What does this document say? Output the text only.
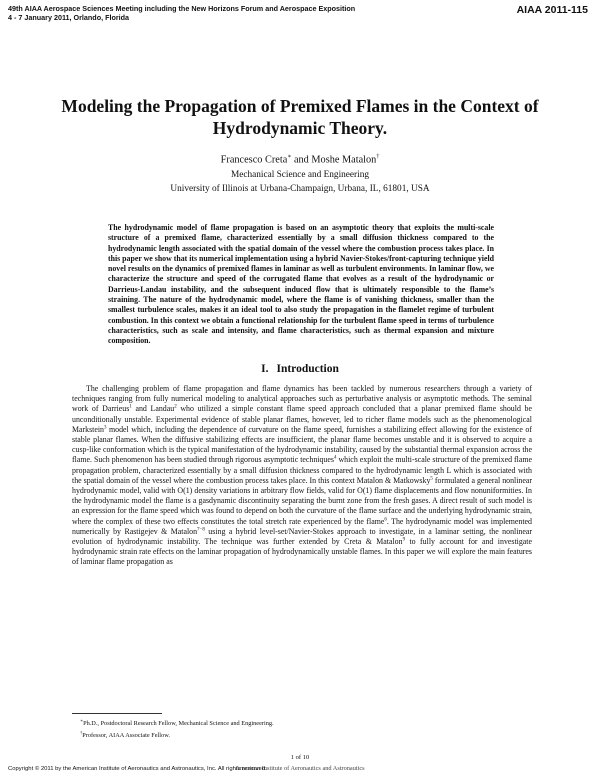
49th AIAA Aerospace Sciences Meeting including the New Horizons Forum and Aerospace Exposition
4 - 7 January 2011, Orlando, Florida
AIAA 2011-115
Modeling the Propagation of Premixed Flames in the Context of Hydrodynamic Theory.
Francesco Creta∗ and Moshe Matalon†
Mechanical Science and Engineering
University of Illinois at Urbana-Champaign, Urbana, IL, 61801, USA
The hydrodynamic model of flame propagation is based on an asymptotic theory that exploits the multi-scale structure of a premixed flame, characterized essentially by a small diffusion thickness compared to the hydrodynamic length associated with the spatial domain of the vessel where the combustion process takes place. In this paper we show that its numerical implementation using a hybrid Navier-Stokes/front-capturing technique yield novel results on the dynamics of premixed flames in laminar as well as turbulent environments. In laminar flow, we characterize the structure and speed of the corrugated flame that evolves as a result of the hydrodynamic or Darrieus-Landau instability, and the subsequent induced flow that is ultimately responsible to the flame’s straining. The nature of the hydrodynamic model, where the flame is of vanishing thickness, smaller than the smallest turbulence scales, makes it an ideal tool to also study the propagation in the flamelet regime of turbulent combustion. In this context we obtain a functional relationship for the turbulent flame speed in terms of turbulence characteristics, such as scale and intensity, and flame characteristics, such as thermal expansion and mixture composition.
I. Introduction
The challenging problem of flame propagation and flame dynamics has been tackled by numerous researchers through a variety of techniques ranging from fully numerical modeling to analytical approaches such as perturbative analysis or asymptotic methods. The seminal work of Darrieus$^1$ and Landau$^2$ who utilized a simple constant flame speed approach concluded that a planar premixed flame should be unconditionally unstable. Experimental evidence of stable planar flames, however, led to richer flame models such as the phenomenological Markstein$^3$ model which, including the dependence of curvature on the flame speed, furnishes a stabilizing effect allowing for the existence of stable planar flames. When the diffusive stabilizing effects are insufficient, the planar flame becomes unstable and it is observed to acquire a cusp-like conformation which is the typical manifestation of the hydrodynamic instability, caused by the substantial thermal expansion across the flame. Such phenomenon has been studied through rigorous asymptotic techniques$^4$ which exploit the multi-scale structure of the premixed flame propagation problem, characterized essentially by a small diffusion thickness compared to the hydrodynamic length L which is associated with the spatial domain of the vessel where the combustion process takes place. In this context Matalon & Matkowsky$^5$ formulated a general nonlinear hydrodynamic model, valid with O(1) density variations in arbitrary flow fields, valid for O(1) flame displacements and flow nonuniformities. In the hydrodynamic model the flame is a gasdynamic discontinuity separating the burnt zone from the fresh gases. A direct result of such model is an expression for the flame speed which was found to depend on both the curvature of the flame surface and the underlying hydrodynamic strain, where the complex of these two effects constitutes the total stretch rate experienced by the flame$^6$. The hydrodynamic model was implemented numerically by Rastigejev & Matalon$^{7-8}$ using a hybrid level-set/Navier-Stokes approach to investigate, in a laminar setting, the nonlinear evolution of hydrodynamic instability. The technique was further extended by Creta & Matalon$^9$ to fully account for and investigate hydrodynamic strain rate effects on the laminar propagation of hydrodynamically unstable flames. In this paper we will explore the main features of laminar flame propagation as
∗Ph.D., Postdoctoral Research Fellow, Mechanical Science and Engineering.
†Professor, AIAA Associate Fellow.
1 of 10
American Institute of Aeronautics and Astronautics
Copyright © 2011 by the American Institute of Aeronautics and Astronautics, Inc. All rights reserved.
